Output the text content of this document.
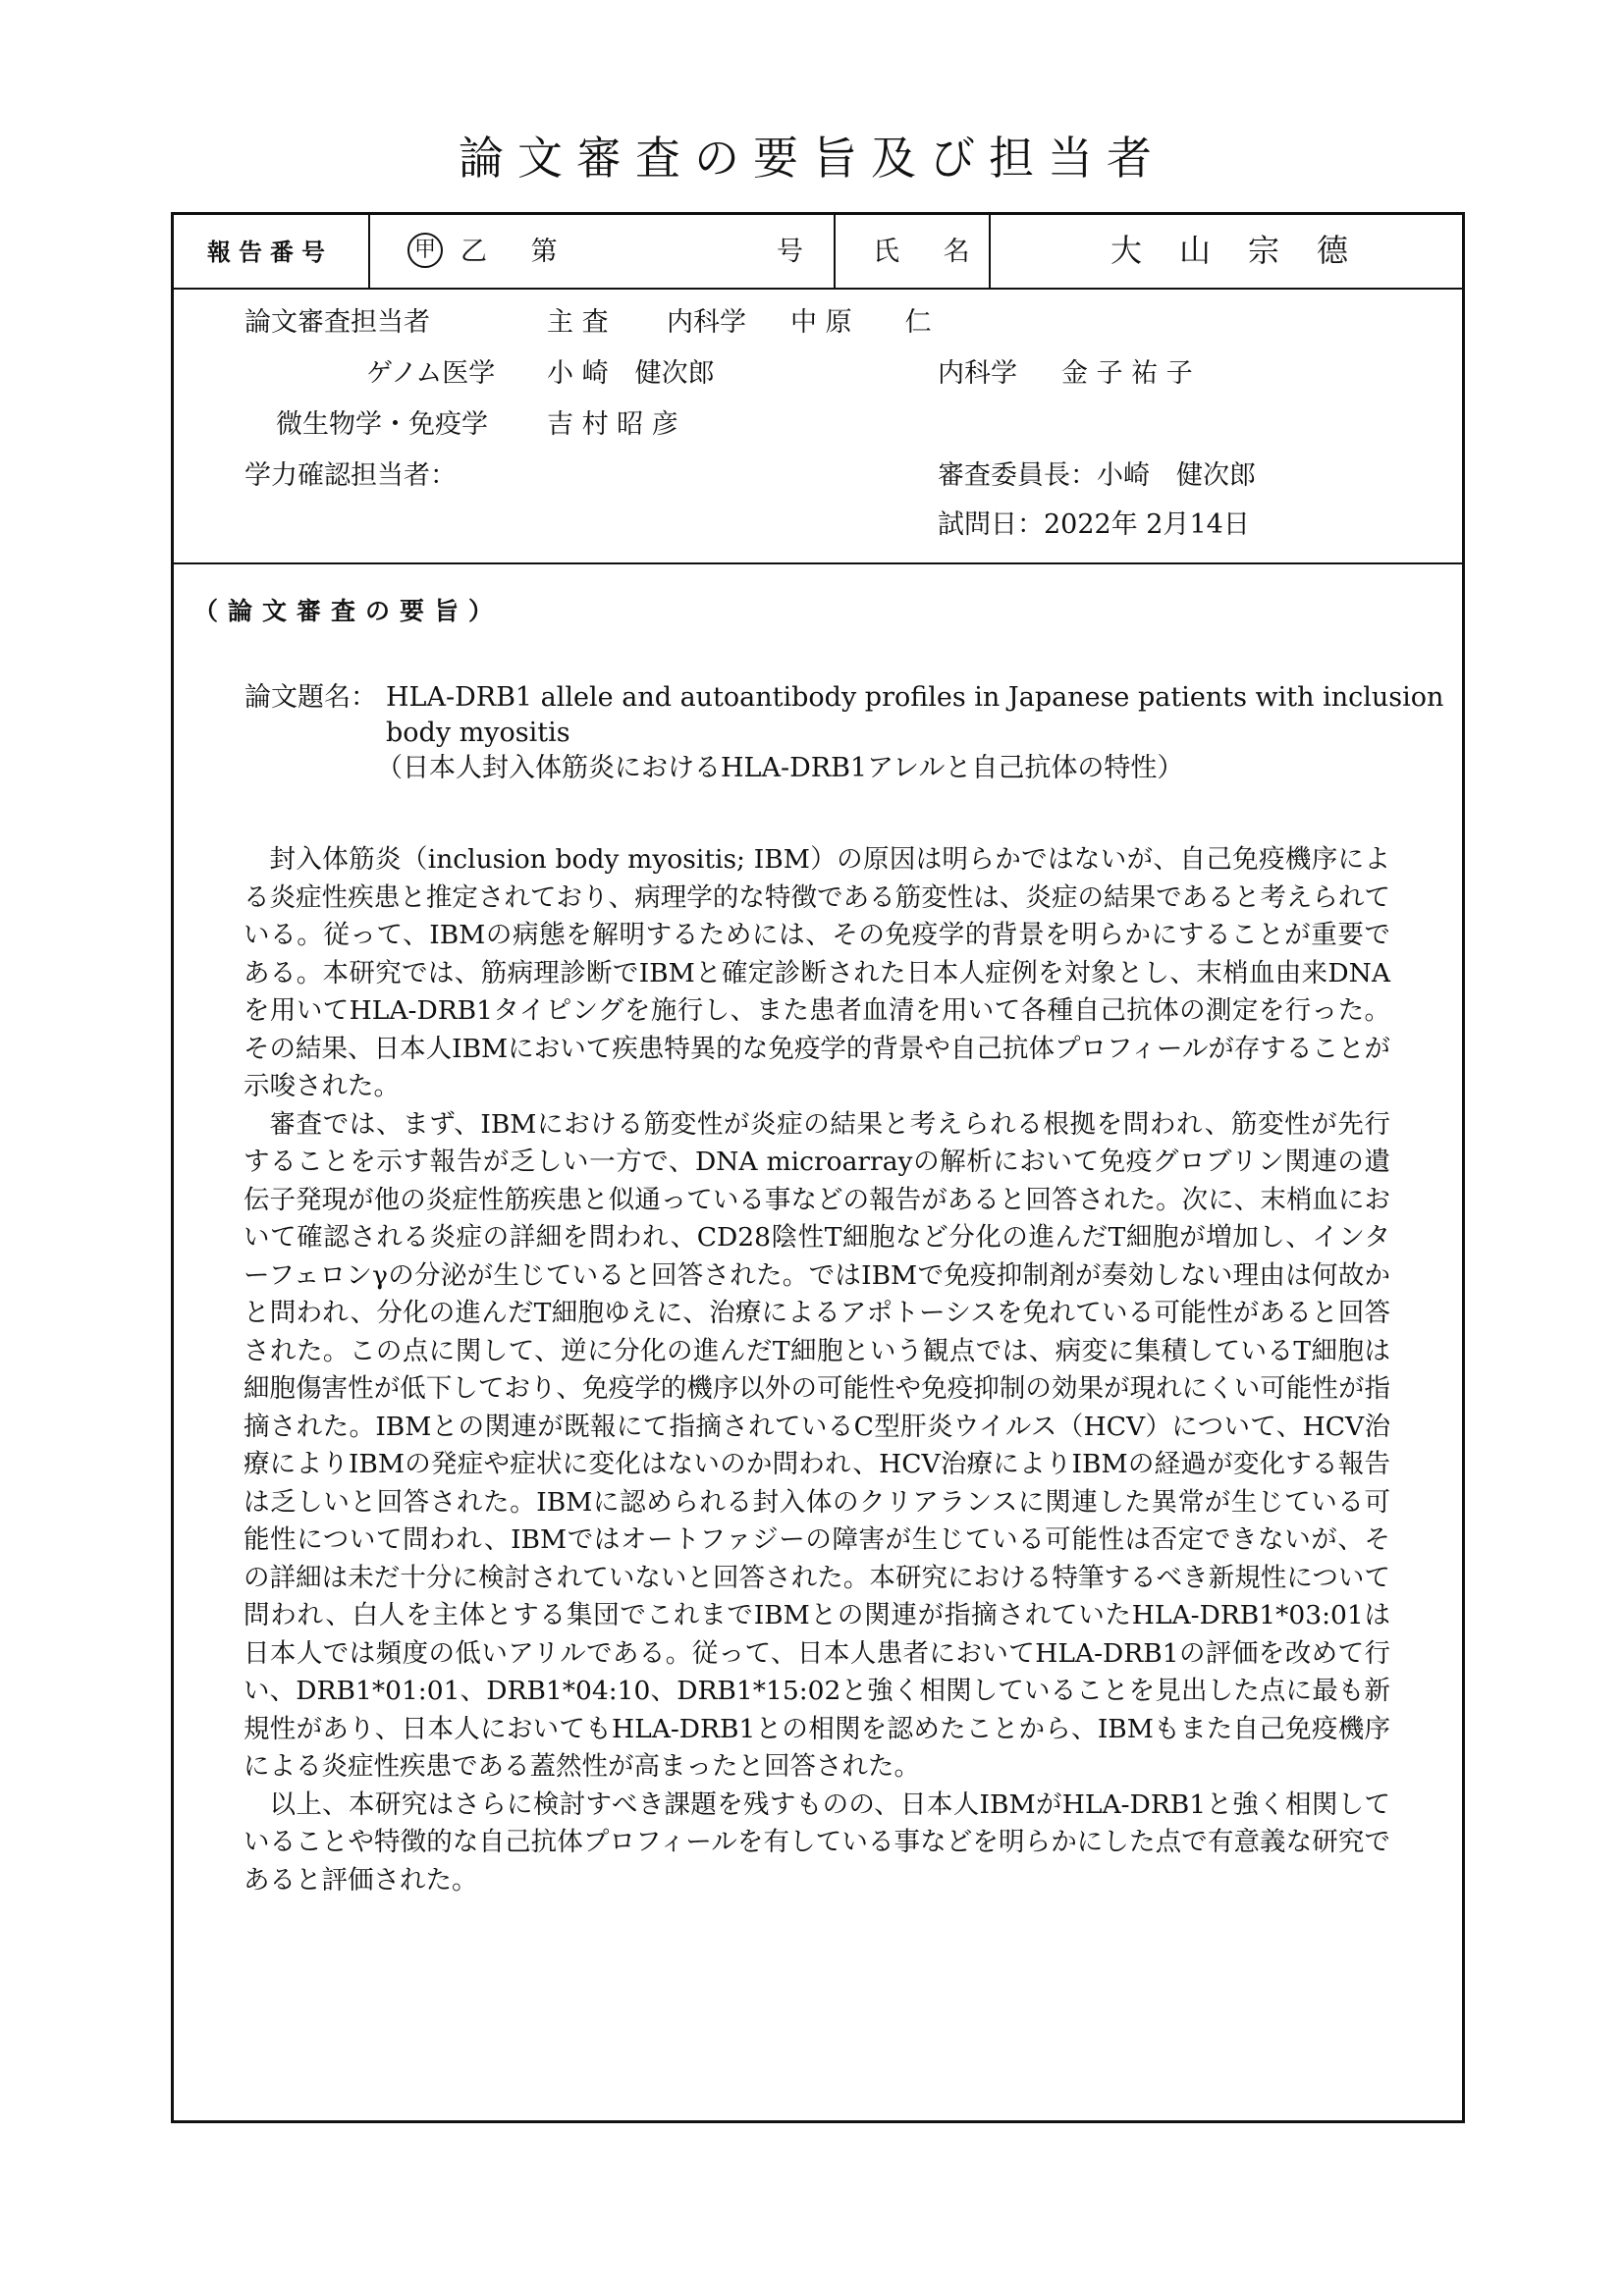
論文審査の要旨及び担当者
報告番号	甲 乙 第	号	氏 名	大山宗德
論文審査担当者	主 査 内科学 中 原　　仁
ゲノム医学 小 崎　健次郎	内科学 金 子 祐 子
微生物学・免疫学 吉 村 昭 彦
学力確認担当者：	審査委員長：小崎　健次郎
試問日：2022年 2月14日
（論文審査の要旨）
論文題名： HLA-DRB1 allele and autoantibody profiles in Japanese patients with inclusion
body myositis
（日本人封入体筋炎におけるHLA-DRB1アレルと自己抗体の特性）

封入体筋炎（inclusion body myositis; IBM）の原因は明らかではないが、自己免疫機序による炎症性疾患と推定されており、病理学的な特徴である筋変性は、炎症の結果であると考えられている。従って、IBMの病態を解明するためには、その免疫学的背景を明らかにすることが重要である。本研究では、筋病理診断でIBMと確定診断された日本人症例を対象とし、末梢血由来DNAを用いてHLA-DRB1タイピングを施行し、また患者血清を用いて各種自己抗体の測定を行った。その結果、日本人IBMにおいて疾患特異的な免疫学的背景や自己抗体プロフィールが存することが示唆された。

審査では、まず、IBMにおける筋変性が炎症の結果と考えられる根拠を問われ、筋変性が先行することを示す報告が乏しい一方で、DNA microarrayの解析において免疫グロブリン関連の遺伝子発現が他の炎症性筋疾患と似通っている事などの報告があると回答された。次に、末梢血において確認される炎症の詳細を問われ、CD28陰性T細胞など分化の進んだT細胞が増加し、インターフェロンγの分泌が生じていると回答された。ではIBMで免疫抑制剤が奏効しない理由は何故かと問われ、分化の進んだT細胞ゆえに、治療によるアポトーシスを免れている可能性があると回答された。この点に関して、逆に分化の進んだT細胞という観点では、病変に集積しているT細胞は細胞傷害性が低下しており、免疫学的機序以外の可能性や免疫抑制の効果が現れにくい可能性が指摘された。IBMとの関連が既報にて指摘されているC型肝炎ウイルス（HCV）について、HCV治療によりIBMの発症や症状に変化はないのか問われ、HCV治療によりIBMの経過が変化する報告は乏しいと回答された。IBMに認められる封入体のクリアランスに関連した異常が生じている可能性について問われ、IBMではオートファジーの障害が生じている可能性は否定できないが、その詳細は未だ十分に検討されていないと回答された。本研究における特筆するべき新規性について問われ、白人を主体とする集団でこれまでIBMとの関連が指摘されていたHLA-DRB1*03:01は日本人では頻度の低いアリルである。従って、日本人患者においてHLA-DRB1の評価を改めて行い、DRB1*01:01、DRB1*04:10、DRB1*15:02と強く相関していることを見出した点に最も新規性があり、日本人においてもHLA-DRB1との相関を認めたことから、IBMもまた自己免疫機序による炎症性疾患である蓋然性が高まったと回答された。

以上、本研究はさらに検討すべき課題を残すものの、日本人IBMがHLA-DRB1と強く相関していることや特徴的な自己抗体プロフィールを有している事などを明らかにした点で有意義な研究であると評価された。
